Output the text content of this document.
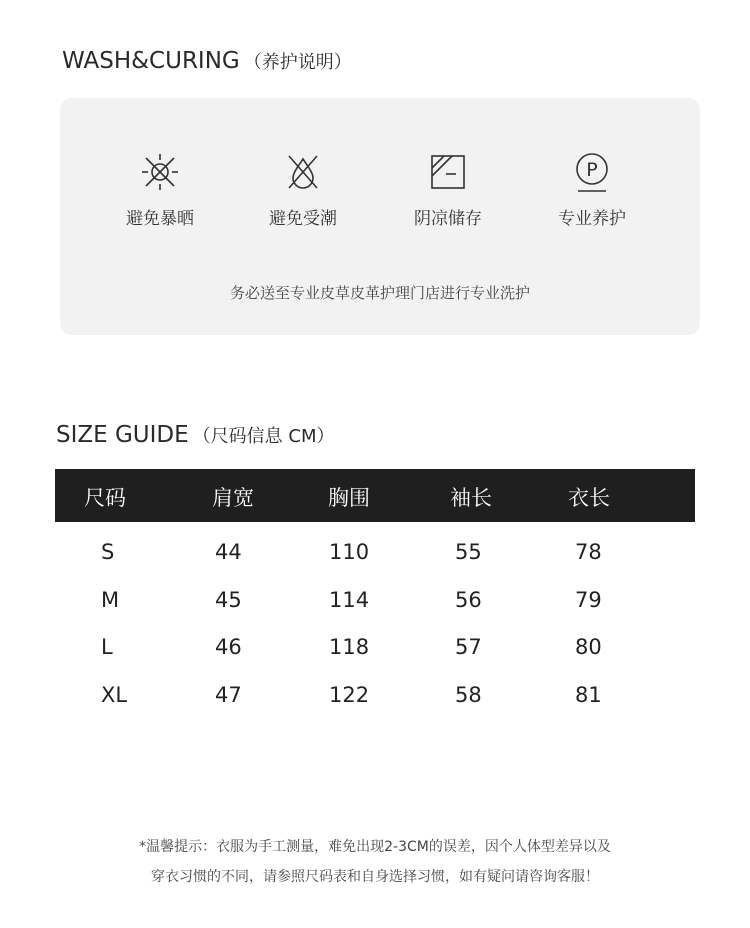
WASH&CURING （养护说明）
避免暴晒	避免受潮	阴凉储存
P
专业养护
务必送至专业皮草皮革护理门店进行专业洗护
SIZE GUIDE （尺码信息 CM）
尺码	肩宽	胸围	袖长	衣长
S	44	110	55	78
M	45	114	56	79
L	46	118	57	80
XL	47	122	58	81
*温馨提示：衣服为手工测量，难免出现2-3CM的误差，因个人体型差异以及
穿衣习惯的不同，请参照尺码表和自身选择习惯，如有疑问请咨询客服！
